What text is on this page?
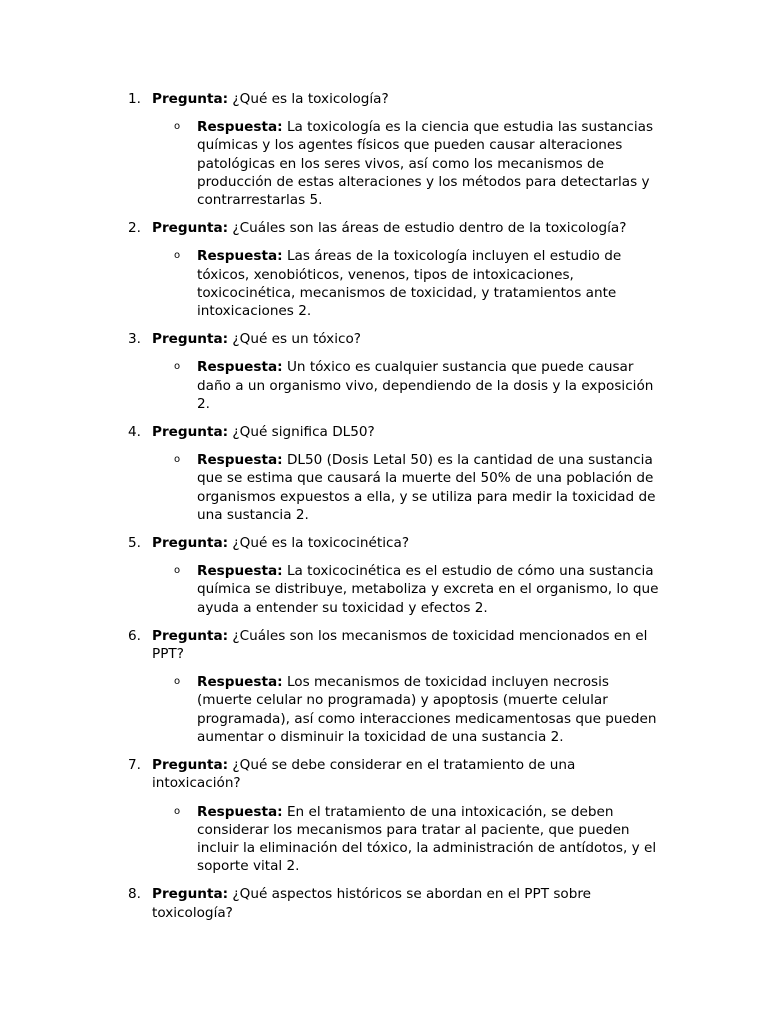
1. Pregunta: ¿Qué es la toxicología?
o Respuesta: La toxicología es la ciencia que estudia las sustancias químicas y los agentes físicos que pueden causar alteraciones patológicas en los seres vivos, así como los mecanismos de producción de estas alteraciones y los métodos para detectarlas y contrarrestarlas 5.
2. Pregunta: ¿Cuáles son las áreas de estudio dentro de la toxicología?
o Respuesta: Las áreas de la toxicología incluyen el estudio de tóxicos, xenobióticos, venenos, tipos de intoxicaciones, toxicocinética, mecanismos de toxicidad, y tratamientos ante intoxicaciones 2.
3. Pregunta: ¿Qué es un tóxico?
o Respuesta: Un tóxico es cualquier sustancia que puede causar daño a un organismo vivo, dependiendo de la dosis y la exposición 2.
4. Pregunta: ¿Qué significa DL50?
o Respuesta: DL50 (Dosis Letal 50) es la cantidad de una sustancia que se estima que causará la muerte del 50% de una población de organismos expuestos a ella, y se utiliza para medir la toxicidad de una sustancia 2.
5. Pregunta: ¿Qué es la toxicocinética?
o Respuesta: La toxicocinética es el estudio de cómo una sustancia química se distribuye, metaboliza y excreta en el organismo, lo que ayuda a entender su toxicidad y efectos 2.
6. Pregunta: ¿Cuáles son los mecanismos de toxicidad mencionados en el PPT?
o Respuesta: Los mecanismos de toxicidad incluyen necrosis (muerte celular no programada) y apoptosis (muerte celular programada), así como interacciones medicamentosas que pueden aumentar o disminuir la toxicidad de una sustancia 2.
7. Pregunta: ¿Qué se debe considerar en el tratamiento de una intoxicación?
o Respuesta: En el tratamiento de una intoxicación, se deben considerar los mecanismos para tratar al paciente, que pueden incluir la eliminación del tóxico, la administración de antídotos, y el soporte vital 2.
8. Pregunta: ¿Qué aspectos históricos se abordan en el PPT sobre toxicología?
